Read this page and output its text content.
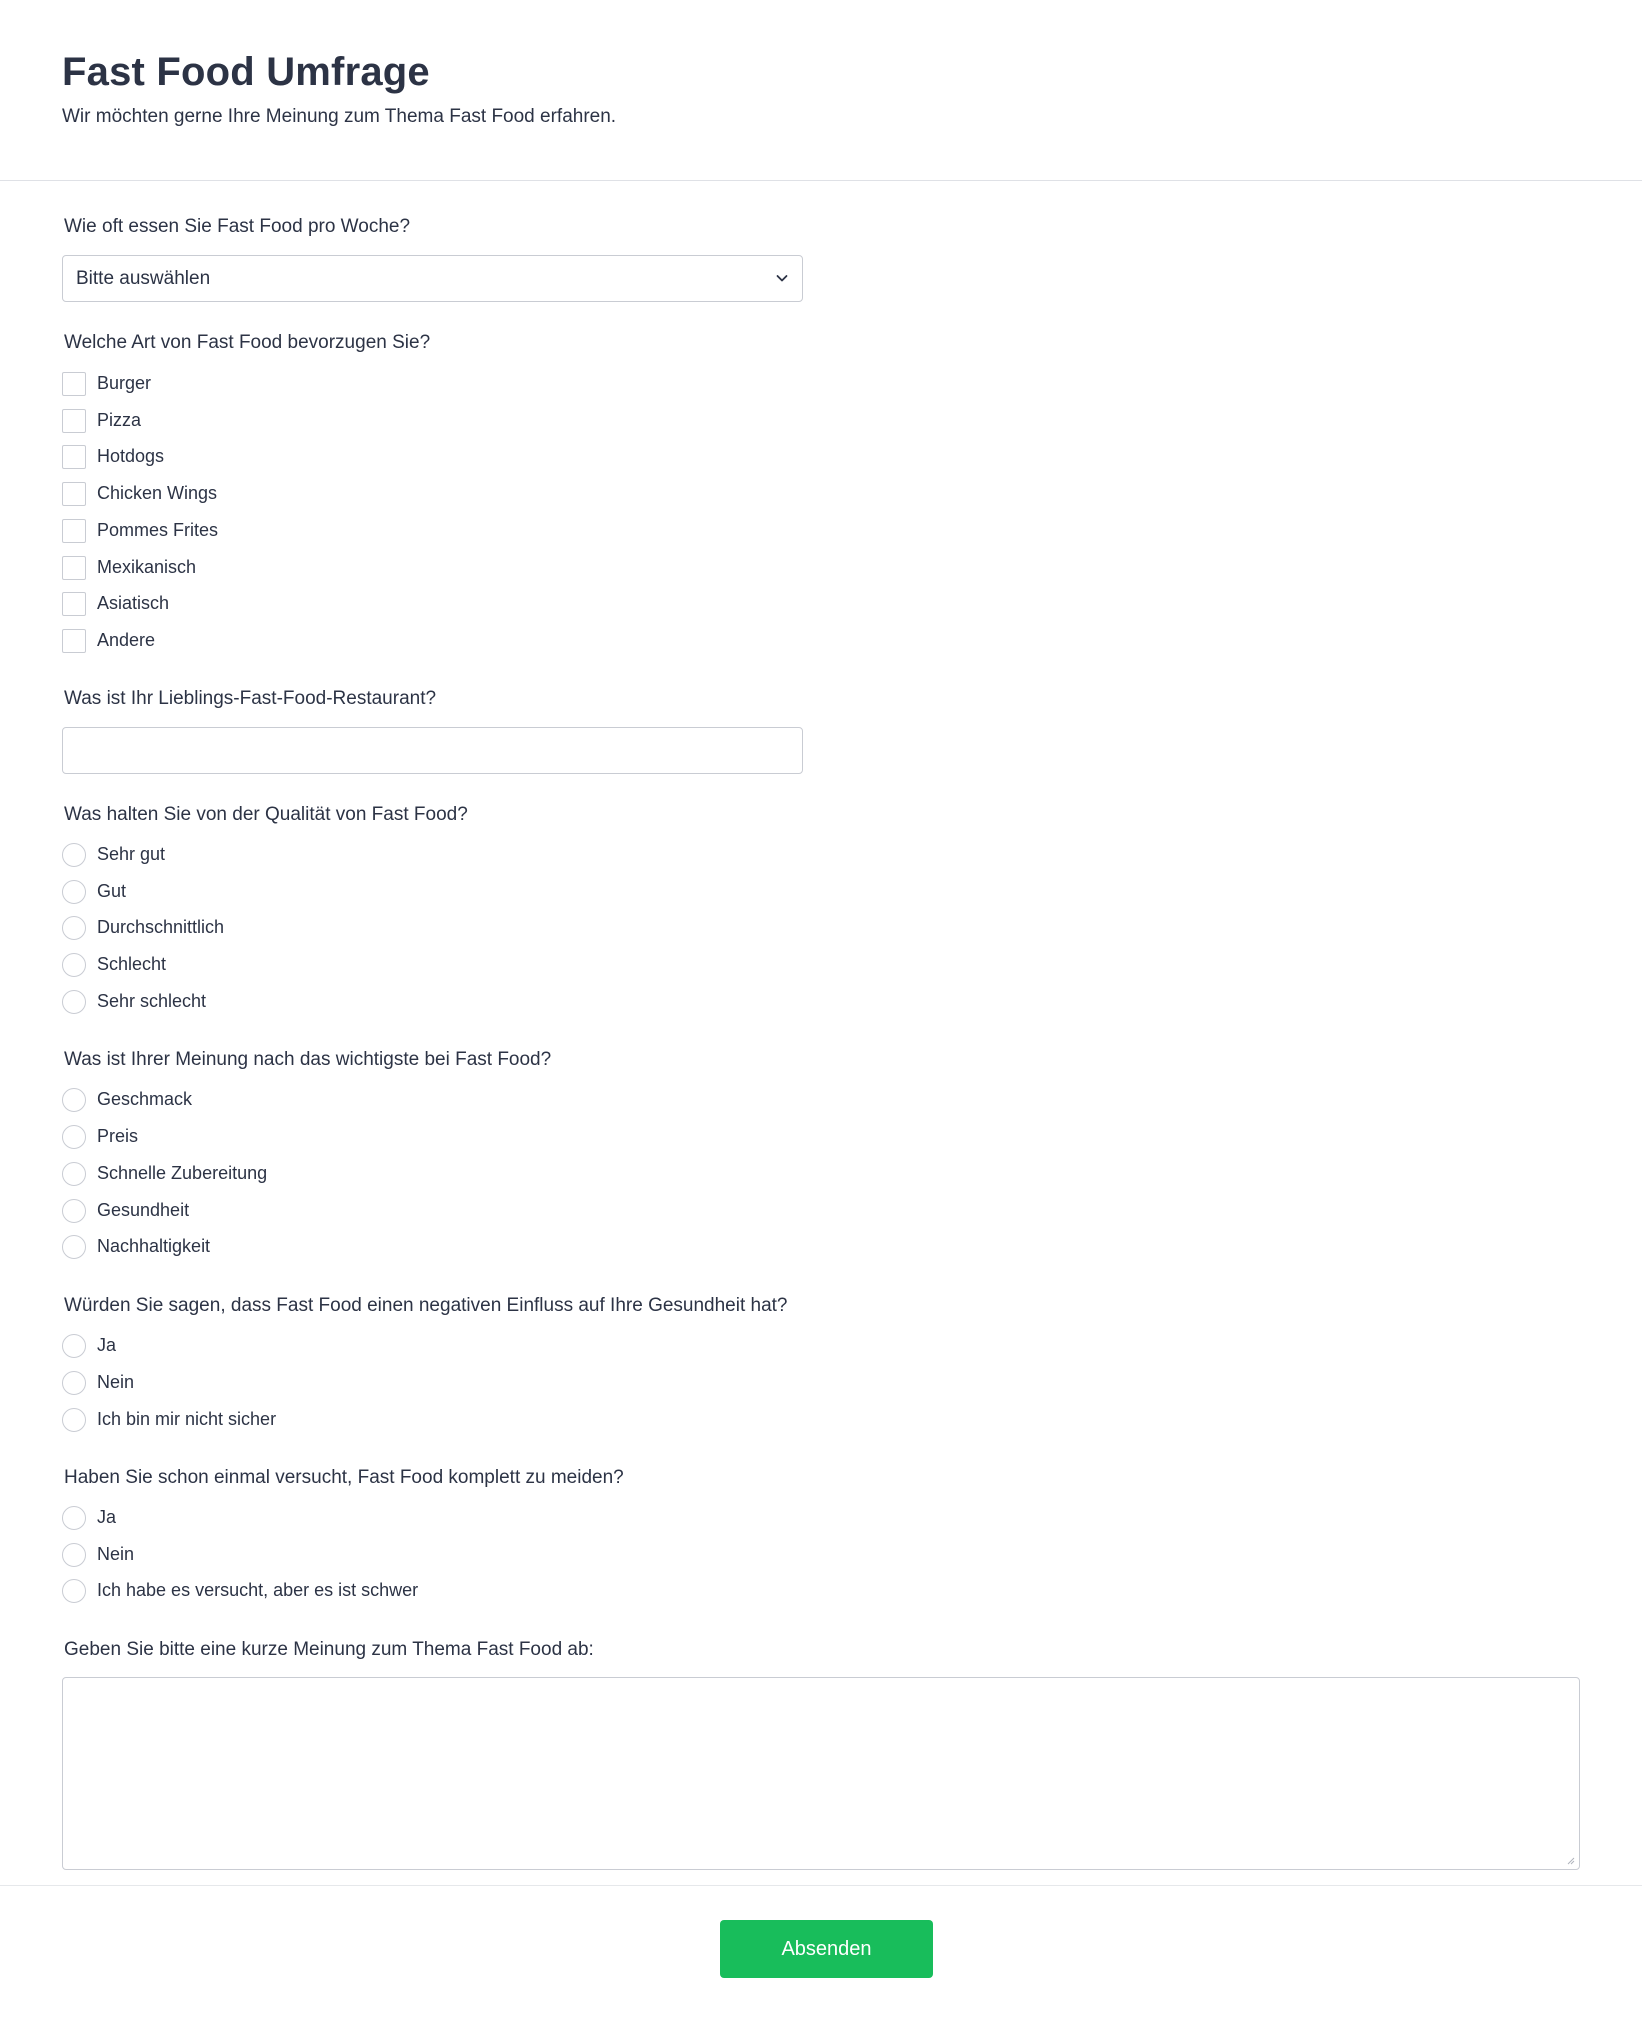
Fast Food Umfrage
Wir möchten gerne Ihre Meinung zum Thema Fast Food erfahren.
Wie oft essen Sie Fast Food pro Woche?
Bitte auswählen
Welche Art von Fast Food bevorzugen Sie?
Burger
Pizza
Hotdogs
Chicken Wings
Pommes Frites
Mexikanisch
Asiatisch
Andere
Was ist Ihr Lieblings-Fast-Food-Restaurant?
Was halten Sie von der Qualität von Fast Food?
Sehr gut
Gut
Durchschnittlich
Schlecht
Sehr schlecht
Was ist Ihrer Meinung nach das wichtigste bei Fast Food?
Geschmack
Preis
Schnelle Zubereitung
Gesundheit
Nachhaltigkeit
Würden Sie sagen, dass Fast Food einen negativen Einfluss auf Ihre Gesundheit hat?
Ja
Nein
Ich bin mir nicht sicher
Haben Sie schon einmal versucht, Fast Food komplett zu meiden?
Ja
Nein
Ich habe es versucht, aber es ist schwer
Geben Sie bitte eine kurze Meinung zum Thema Fast Food ab:
Absenden
